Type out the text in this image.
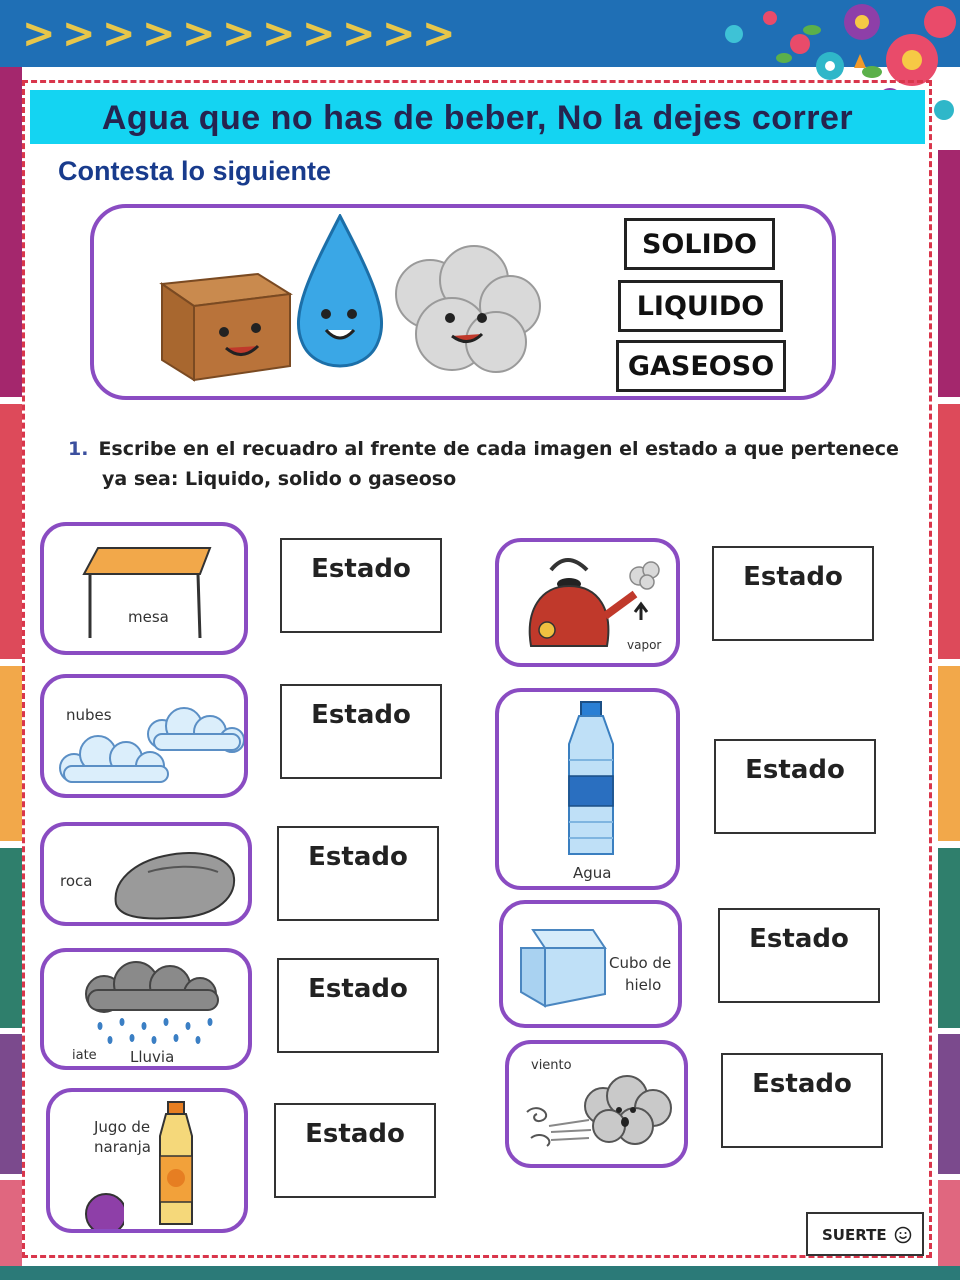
> > > > > > > > > > >
Agua que no has de beber, No la dejes correr
Contesta lo siguiente
SOLIDO
LIQUIDO
GASEOSO
1. Escribe en el recuadro al frente de cada imagen el estado a que pertenece
ya sea: Liquido, solido o gaseoso
mesa
Estado
nubes	Estado
roca
Estado
iate Lluvia
Estado
Jugo de
naranja	Estado
vapor
Estado
Agua
Estado
Cubo de
hielo
Estado
viento
Estado
SUERTE
